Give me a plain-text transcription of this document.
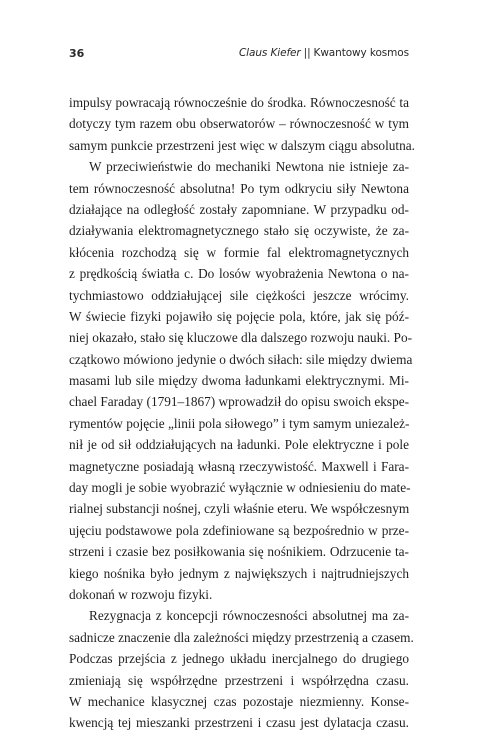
36	Claus Kiefer || Kwantowy kosmos
impulsy powracają równocześnie do środka. Równoczesność ta
dotyczy tym razem obu obserwatorów – równoczesność w tym
samym punkcie przestrzeni jest więc w dalszym ciągu absolutna.
W przeciwieństwie do mechaniki Newtona nie istnieje za-
tem równoczesność absolutna! Po tym odkryciu siły Newtona
działające na odległość zostały zapomniane. W przypadku od-
działywania elektromagnetycznego stało się oczywiste, że za-
kłócenia rozchodzą się w formie fal elektromagnetycznych
z prędkością światła c. Do losów wyobrażenia Newtona o na-
tychmiastowo oddziałującej sile ciężkości jeszcze wrócimy.
W świecie fizyki pojawiło się pojęcie pola, które, jak się póź-
niej okazało, stało się kluczowe dla dalszego rozwoju nauki. Po-
czątkowo mówiono jedynie o dwóch siłach: sile między dwiema
masami lub sile między dwoma ładunkami elektrycznymi. Mi-
chael Faraday (1791–1867) wprowadził do opisu swoich ekspe-
rymentów pojęcie „linii pola siłowego” i tym samym uniezależ-
nił je od sił oddziałujących na ładunki. Pole elektryczne i pole
magnetyczne posiadają własną rzeczywistość. Maxwell i Fara-
day mogli je sobie wyobrazić wyłącznie w odniesieniu do mate-
rialnej substancji nośnej, czyli właśnie eteru. We współczesnym
ujęciu podstawowe pola zdefiniowane są bezpośrednio w prze-
strzeni i czasie bez posiłkowania się nośnikiem. Odrzucenie ta-
kiego nośnika było jednym z największych i najtrudniejszych
dokonań w rozwoju fizyki.
Rezygnacja z koncepcji równoczesności absolutnej ma za-
sadnicze znaczenie dla zależności między przestrzenią a czasem.
Podczas przejścia z jednego układu inercjalnego do drugiego
zmieniają się współrzędne przestrzeni i współrzędna czasu.
W mechanice klasycznej czas pozostaje niezmienny. Konse-
kwencją tej mieszanki przestrzeni i czasu jest dylatacja czasu.
